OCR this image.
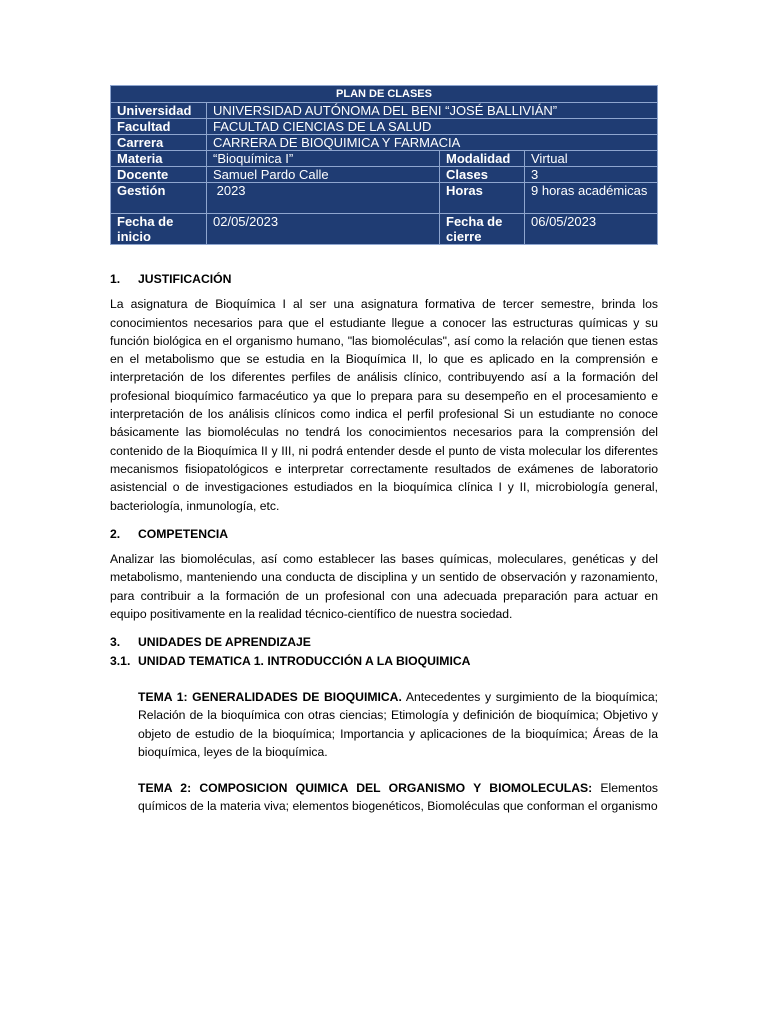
PLAN DE CLASES			
Universidad	UNIVERSIDAD AUTÓNOMA DEL BENI “JOSÉ BALLIVIÁN”		
Facultad	FACULTAD CIENCIAS DE LA SALUD		
Carrera	CARRERA DE BIOQUIMICA Y FARMACIA		
Materia	“Bioquímica I”	Modalidad	Virtual
Docente	Samuel Pardo Calle	Clases	3
Gestión	2023	Horas	9 horas académicas
Fecha de inicio	02/05/2023	Fecha de cierre	06/05/2023

1.	JUSTIFICACIÓN

La asignatura de Bioquímica I al ser una asignatura formativa de tercer semestre, brinda los conocimientos necesarios para que el estudiante llegue a conocer las estructuras químicas y su función biológica en el organismo humano, "las biomoléculas", así como la relación que tienen estas en el metabolismo que se estudia en la Bioquímica II, lo que es aplicado en la comprensión e interpretación de los diferentes perfiles de análisis clínico, contribuyendo así a la formación del profesional bioquímico farmacéutico ya que lo prepara para su desempeño en el procesamiento e interpretación de los análisis clínicos como indica el perfil profesional Si un estudiante no conoce básicamente las biomoléculas no tendrá los conocimientos necesarios para la comprensión del contenido de la Bioquímica II y III, ni podrá entender desde el punto de vista molecular los diferentes mecanismos fisiopatológicos e interpretar correctamente resultados de exámenes de laboratorio asistencial o de investigaciones estudiados en la bioquímica clínica I y II, microbiología general, bacteriología, inmunología, etc.

2.	COMPETENCIA

Analizar las biomoléculas, así como establecer las bases químicas, moleculares, genéticas y del metabolismo, manteniendo una conducta de disciplina y un sentido de observación y razonamiento, para contribuir a la formación de un profesional con una adecuada preparación para actuar en equipo positivamente en la realidad técnico-científico de nuestra sociedad.

3.	UNIDADES DE APRENDIZAJE

3.1. UNIDAD TEMATICA 1. INTRODUCCIÓN A LA BIOQUIMICA

TEMA 1: GENERALIDADES DE BIOQUIMICA. Antecedentes y surgimiento de la bioquímica; Relación de la bioquímica con otras ciencias; Etimología y definición de bioquímica; Objetivo y objeto de estudio de la bioquímica; Importancia y aplicaciones de la bioquímica; Áreas de la bioquímica, leyes de la bioquímica.

TEMA 2: COMPOSICION QUIMICA DEL ORGANISMO Y BIOMOLECULAS: Elementos químicos de la materia viva; elementos biogenéticos, Biomoléculas que conforman el organismo
